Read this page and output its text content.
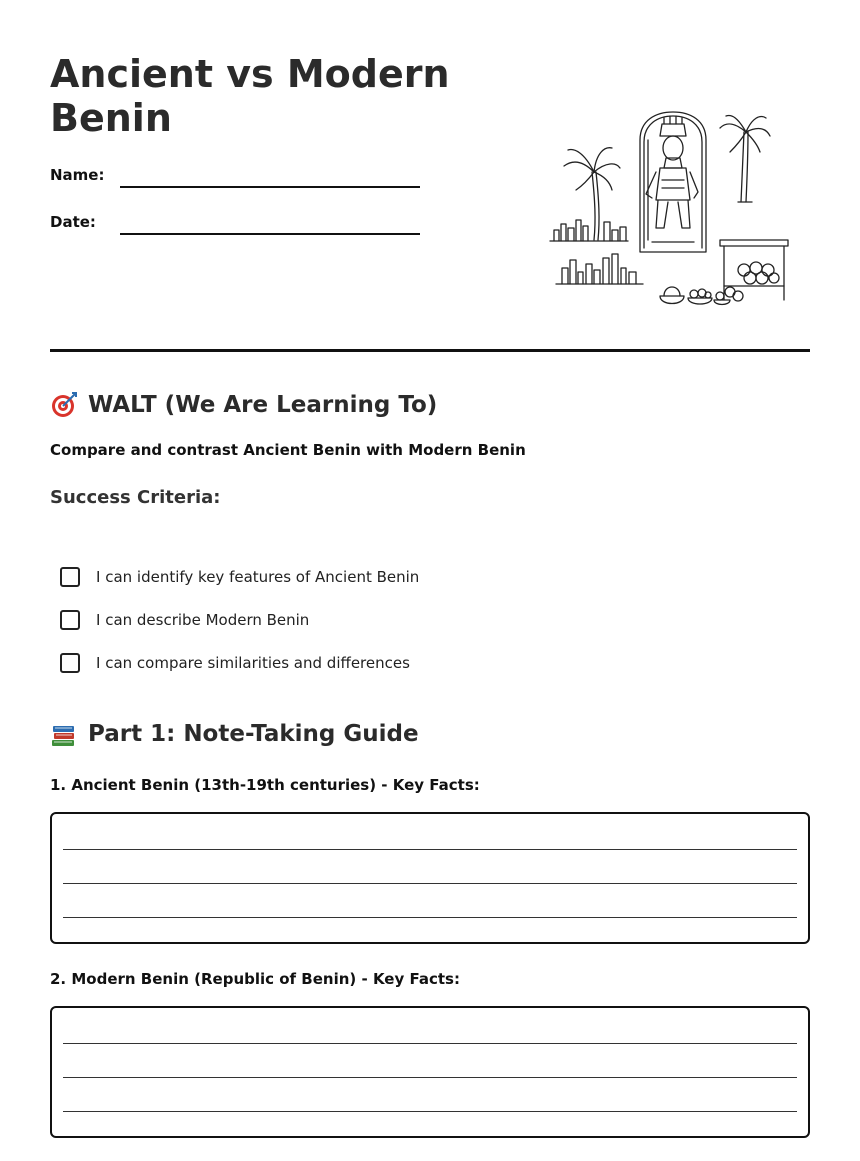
Ancient vs Modern Benin
Name:
Date:
WALT (We Are Learning To)
Compare and contrast Ancient Benin with Modern Benin
Success Criteria:
I can identify key features of Ancient Benin
I can describe Modern Benin
I can compare similarities and differences
Part 1: Note-Taking Guide
1. Ancient Benin (13th-19th centuries) - Key Facts:
2. Modern Benin (Republic of Benin) - Key Facts:
